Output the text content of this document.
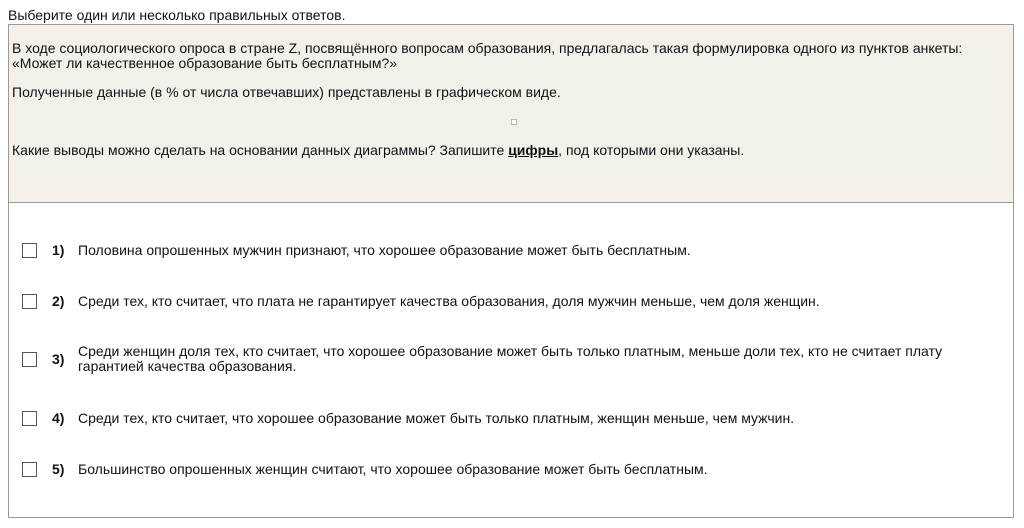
Выберите один или несколько правильных ответов.
В ходе социологического опроса в стране Z, посвящённого вопросам образования, предлагалась такая формулировка одного из пунктов анкеты: «Может ли качественное образование быть бесплатным?»
Полученные данные (в % от числа отвечавших) представлены в графическом виде.
Какие выводы можно сделать на основании данных диаграммы? Запишите цифры, под которыми они указаны.
1) Половина опрошенных мужчин признают, что хорошее образование может быть бесплатным.
2) Среди тех, кто считает, что плата не гарантирует качества образования, доля мужчин меньше, чем доля женщин.
3) Среди женщин доля тех, кто считает, что хорошее образование может быть только платным, меньше доли тех, кто не считает плату гарантией качества образования.
4) Среди тех, кто считает, что хорошее образование может быть только платным, женщин меньше, чем мужчин.
5) Большинство опрошенных женщин считают, что хорошее образование может быть бесплатным.
